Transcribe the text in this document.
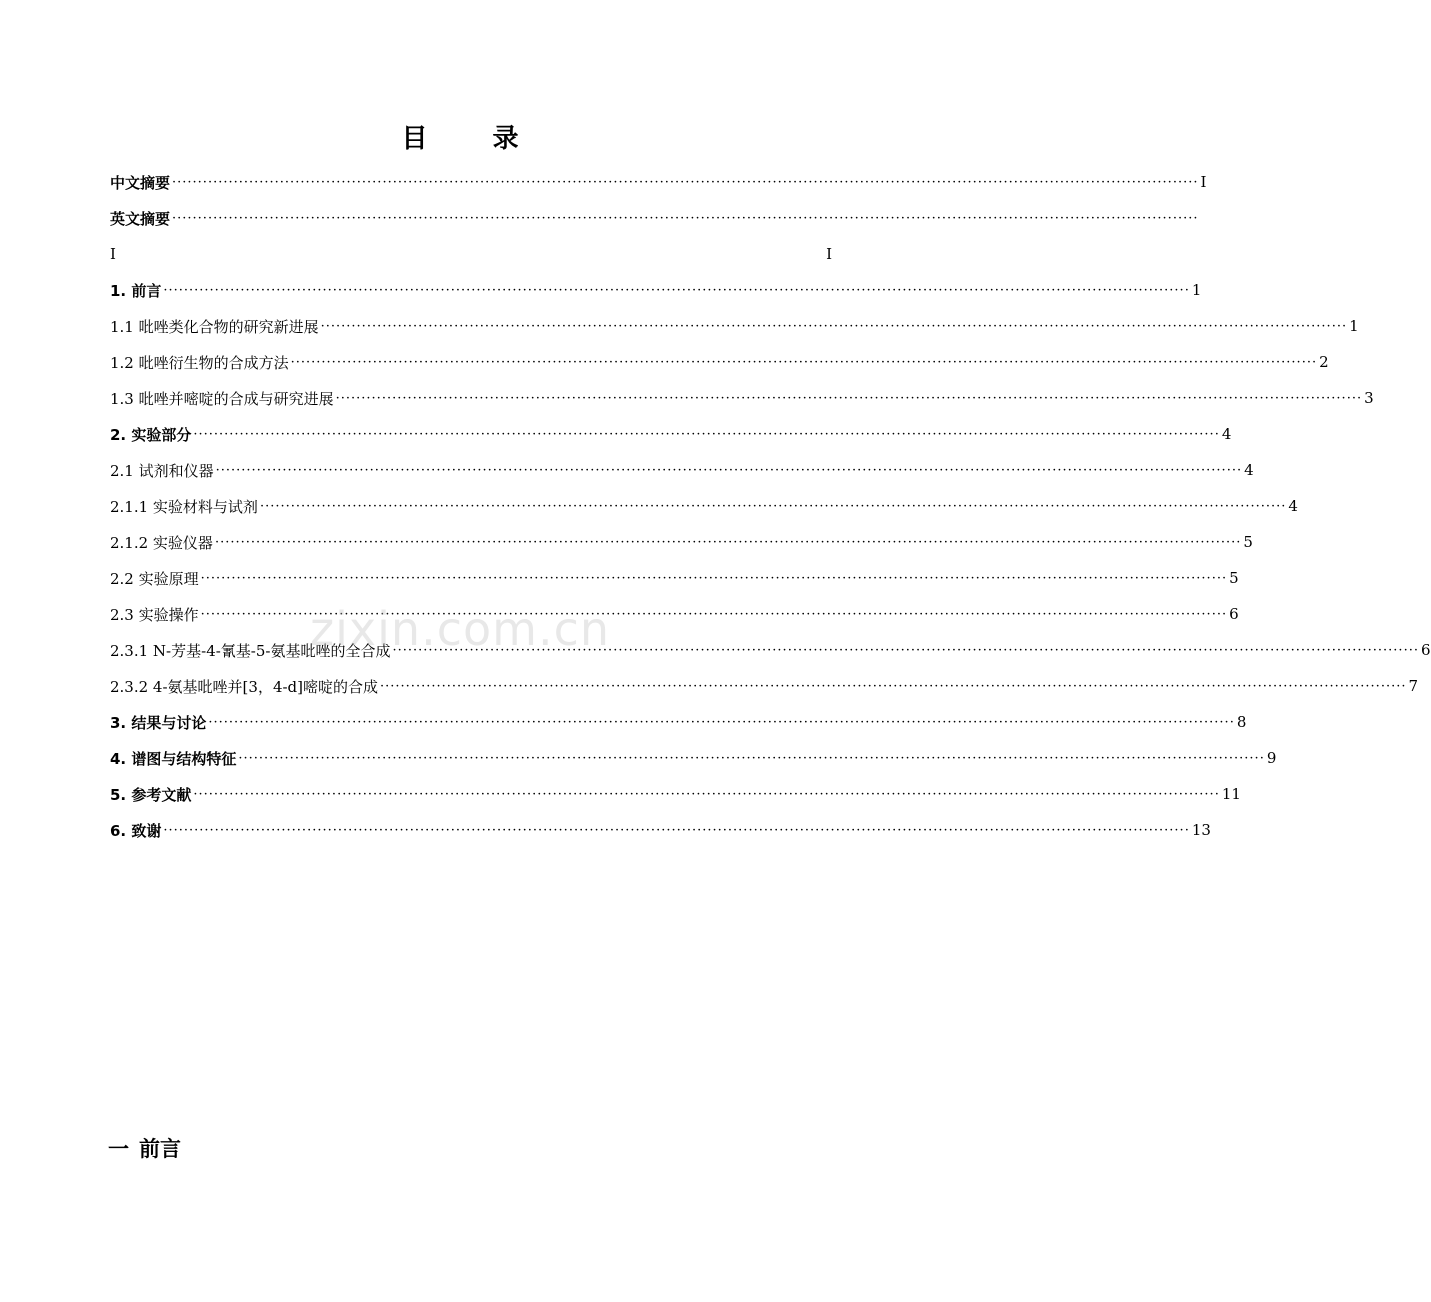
目 录
中文摘要 ········································································································································································································ I
英文摘要 ········································································································································································································
I	I
1. 前言 ········································································································································································································ 1
1.1 吡唑类化合物的研究新进展 ········································································································································································································ 1
1.2 吡唑衍生物的合成方法 ········································································································································································································ 2
1.3 吡唑并嘧啶的合成与研究进展 ········································································································································································································ 3
2. 实验部分 ········································································································································································································ 4
2.1 试剂和仪器 ········································································································································································································ 4
2.1.1 实验材料与试剂 ········································································································································································································ 4
2.1.2 实验仪器 ········································································································································································································ 5
2.2 实验原理 ········································································································································································································ 5
2.3 实验操作 ········································································································································································································ 6
2.3.1 N-芳基-4-氰基-5-氨基吡唑的全合成 ········································································································································································································ 6
2.3.2 4-氨基吡唑并[3，4-d]嘧啶的合成 ········································································································································································································ 7
3. 结果与讨论 ········································································································································································································ 8
4. 谱图与结构特征 ········································································································································································································ 9
5. 参考文献 ········································································································································································································ 11
6. 致谢 ········································································································································································································ 13
zixin.com.cn
一 前言
